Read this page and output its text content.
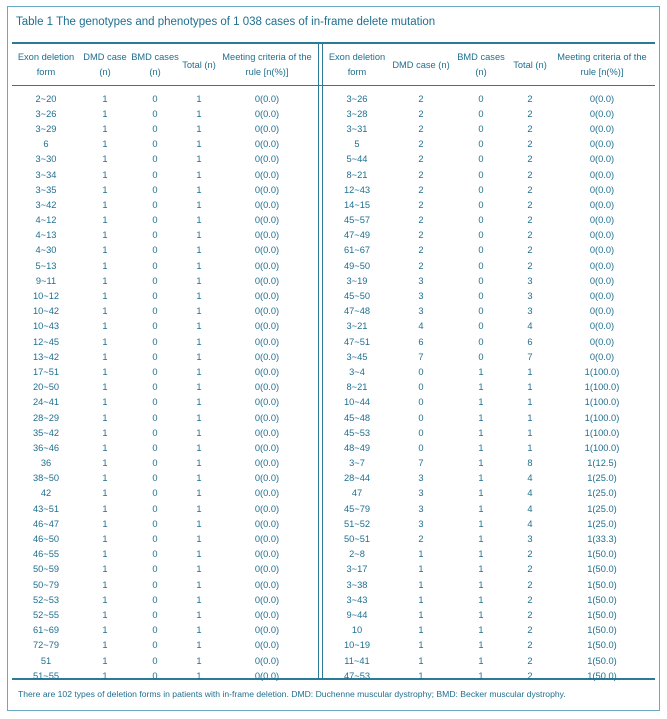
Table 1 The genotypes and phenotypes of 1 038 cases of in-frame delete mutation
Exon deletion form	DMD case (n)	BMD cases (n)	Total (n)	Meeting criteria of the rule [n(%)]
2~20	1	0	1	0(0.0)
3~26	1	0	1	0(0.0)
3~29	1	0	1	0(0.0)
6	1	0	1	0(0.0)
3~30	1	0	1	0(0.0)
3~34	1	0	1	0(0.0)
3~35	1	0	1	0(0.0)
3~42	1	0	1	0(0.0)
4~12	1	0	1	0(0.0)
4~13	1	0	1	0(0.0)
4~30	1	0	1	0(0.0)
5~13	1	0	1	0(0.0)
9~11	1	0	1	0(0.0)
10~12	1	0	1	0(0.0)
10~42	1	0	1	0(0.0)
10~43	1	0	1	0(0.0)
12~45	1	0	1	0(0.0)
13~42	1	0	1	0(0.0)
17~51	1	0	1	0(0.0)
20~50	1	0	1	0(0.0)
24~41	1	0	1	0(0.0)
28~29	1	0	1	0(0.0)
35~42	1	0	1	0(0.0)
36~46	1	0	1	0(0.0)
36	1	0	1	0(0.0)
38~50	1	0	1	0(0.0)
42	1	0	1	0(0.0)
43~51	1	0	1	0(0.0)
46~47	1	0	1	0(0.0)
46~50	1	0	1	0(0.0)
46~55	1	0	1	0(0.0)
50~59	1	0	1	0(0.0)
50~79	1	0	1	0(0.0)
52~53	1	0	1	0(0.0)
52~55	1	0	1	0(0.0)
61~69	1	0	1	0(0.0)
72~79	1	0	1	0(0.0)
51	1	0	1	0(0.0)
51~55	1	0	1	0(0.0)
Exon deletion form	DMD case (n)	BMD cases (n)	Total (n)	Meeting criteria of the rule [n(%)]
3~26	2	0	2	0(0.0)
3~28	2	0	2	0(0.0)
3~31	2	0	2	0(0.0)
5	2	0	2	0(0.0)
5~44	2	0	2	0(0.0)
8~21	2	0	2	0(0.0)
12~43	2	0	2	0(0.0)
14~15	2	0	2	0(0.0)
45~57	2	0	2	0(0.0)
47~49	2	0	2	0(0.0)
61~67	2	0	2	0(0.0)
49~50	2	0	2	0(0.0)
3~19	3	0	3	0(0.0)
45~50	3	0	3	0(0.0)
47~48	3	0	3	0(0.0)
3~21	4	0	4	0(0.0)
47~51	6	0	6	0(0.0)
3~45	7	0	7	0(0.0)
3~4	0	1	1	1(100.0)
8~21	0	1	1	1(100.0)
10~44	0	1	1	1(100.0)
45~48	0	1	1	1(100.0)
45~53	0	1	1	1(100.0)
48~49	0	1	1	1(100.0)
3~7	7	1	8	1(12.5)
28~44	3	1	4	1(25.0)
47	3	1	4	1(25.0)
45~79	3	1	4	1(25.0)
51~52	3	1	4	1(25.0)
50~51	2	1	3	1(33.3)
2~8	1	1	2	1(50.0)
3~17	1	1	2	1(50.0)
3~38	1	1	2	1(50.0)
3~43	1	1	2	1(50.0)
9~44	1	1	2	1(50.0)
10	1	1	2	1(50.0)
10~19	1	1	2	1(50.0)
11~41	1	1	2	1(50.0)
47~53	1	1	2	1(50.0)
There are 102 types of deletion forms in patients with in-frame deletion. DMD: Duchenne muscular dystrophy; BMD: Becker muscular dystrophy.
